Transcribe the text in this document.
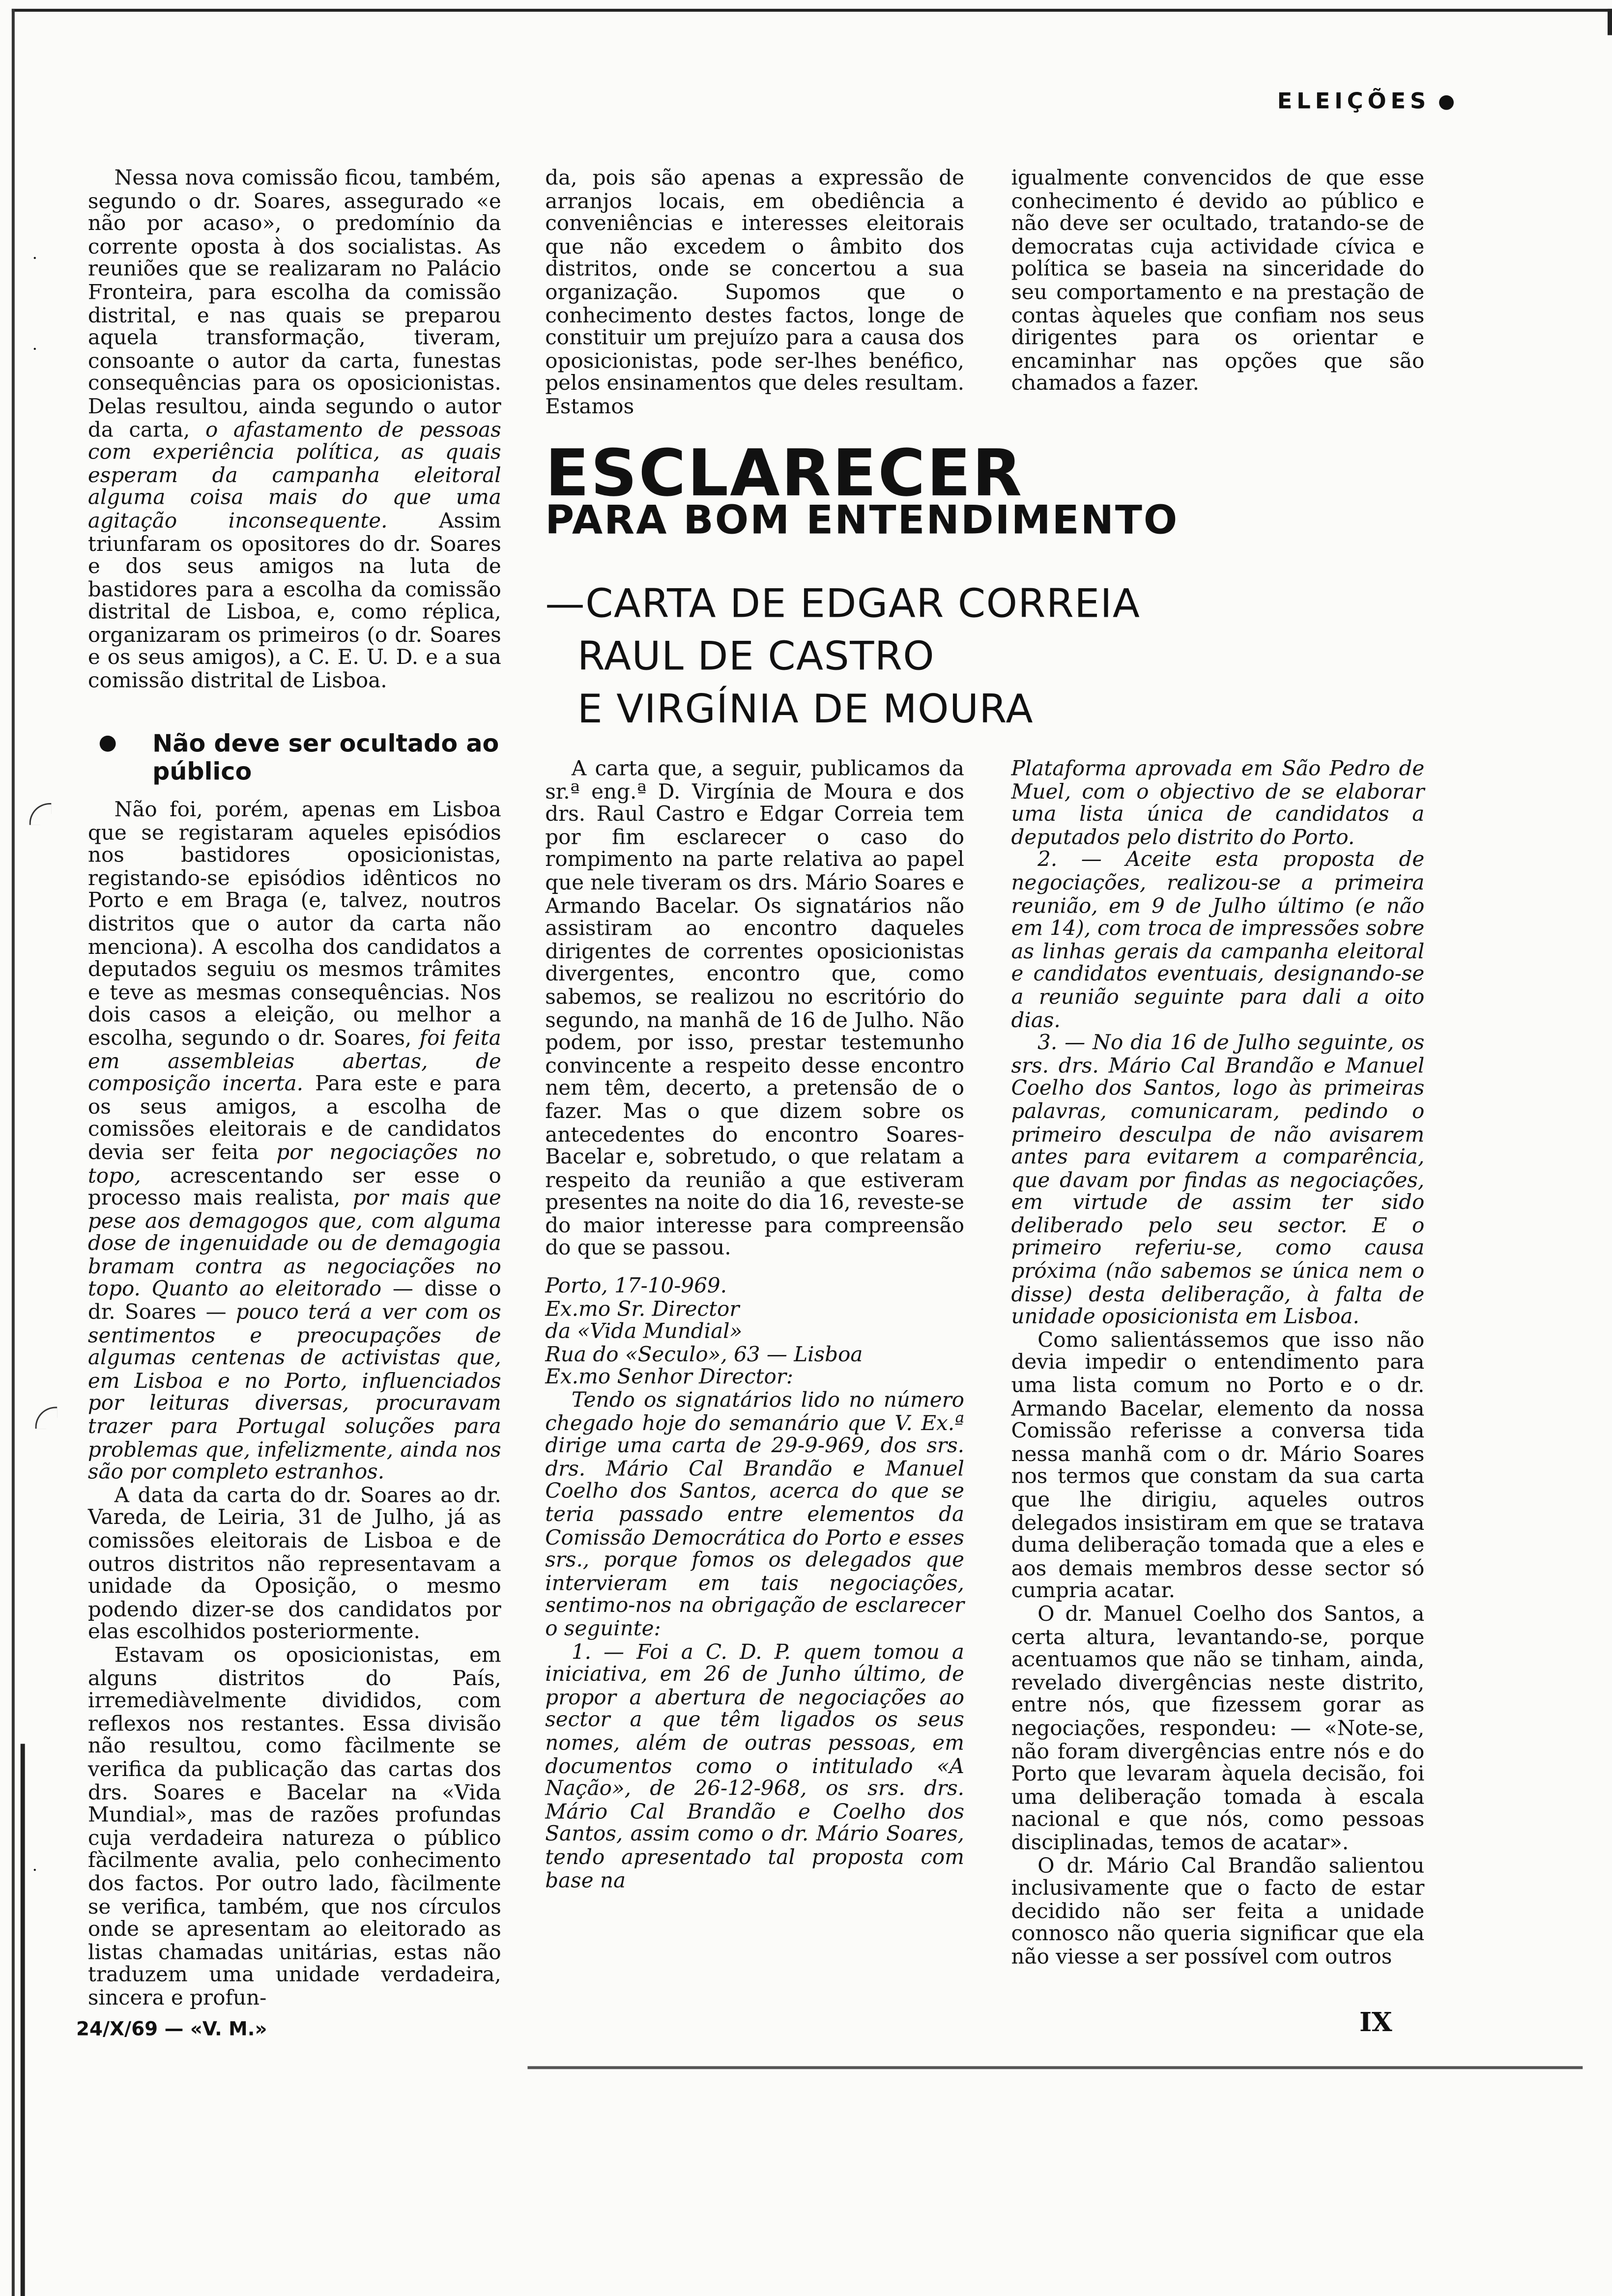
ELEIÇÕES

Nessa nova comissão ficou, também, segundo o dr. Soares, assegurado «e não por acaso», o predomínio da corrente oposta à dos socialistas. As reuniões que se realizaram no Palácio Fronteira, para escolha da comissão distrital, e nas quais se preparou aquela transformação, tiveram, consoante o autor da carta, funestas consequências para os oposicionistas. Delas resultou, ainda segundo o autor da carta, o afastamento de pessoas com experiência política, as quais esperam da campanha eleitoral alguma coisa mais do que uma agitação inconsequente. Assim triunfaram os opositores do dr. Soares e dos seus amigos na luta de bastidores para a escolha da comissão distrital de Lisboa, e, como réplica, organizaram os primeiros (o dr. Soares e os seus amigos), a C. E. U. D. e a sua comissão distrital de Lisboa.

Não deve ser ocultado ao público

Não foi, porém, apenas em Lisboa que se registaram aqueles episódios nos bastidores oposicionistas, registando-se episódios idênticos no Porto e em Braga (e, talvez, noutros distritos que o autor da carta não menciona). A escolha dos candidatos a deputados seguiu os mesmos trâmites e teve as mesmas consequências. Nos dois casos a eleição, ou melhor a escolha, segundo o dr. Soares, foi feita em assembleias abertas, de composição incerta. Para este e para os seus amigos, a escolha de comissões eleitorais e de candidatos devia ser feita por negociações no topo, acrescentando ser esse o processo mais realista, por mais que pese aos demagogos que, com alguma dose de ingenuidade ou de demagogia bramam contra as negociações no topo. Quanto ao eleitorado — disse o dr. Soares — pouco terá a ver com os sentimentos e preocupações de algumas centenas de activistas que, em Lisboa e no Porto, influenciados por leituras diversas, procuravam trazer para Portugal soluções para problemas que, infelizmente, ainda nos são por completo estranhos.

A data da carta do dr. Soares ao dr. Vareda, de Leiria, 31 de Julho, já as comissões eleitorais de Lisboa e de outros distritos não representavam a unidade da Oposição, o mesmo podendo dizer-se dos candidatos por elas escolhidos posteriormente.

Estavam os oposicionistas, em alguns distritos do País, irremediàvelmente divididos, com reflexos nos restantes. Essa divisão não resultou, como fàcilmente se verifica da publicação das cartas dos drs. Soares e Bacelar na «Vida Mundial», mas de razões profundas cuja verdadeira natureza o público fàcilmente avalia, pelo conhecimento dos factos. Por outro lado, fàcilmente se verifica, também, que nos círculos onde se apresentam ao eleitorado as listas chamadas unitárias, estas não traduzem uma unidade verdadeira, sincera e profun-

da, pois são apenas a expressão de arranjos locais, em obediência a conveniências e interesses eleitorais que não excedem o âmbito dos distritos, onde se concertou a sua organização. Supomos que o conhecimento destes factos, longe de constituir um prejuízo para a causa dos oposicionistas, pode ser-lhes benéfico, pelos ensinamentos que deles resultam. Estamos

igualmente convencidos de que esse conhecimento é devido ao público e não deve ser ocultado, tratando-se de democratas cuja actividade cívica e política se baseia na sinceridade do seu comportamento e na prestação de contas àqueles que confiam nos seus dirigentes para os orientar e encaminhar nas opções que são chamados a fazer.

ESCLARECER
PARA BOM ENTENDIMENTO
—CARTA DE EDGAR CORREIA
RAUL DE CASTRO
E VIRGÍNIA DE MOURA

A carta que, a seguir, publicamos da sr.ª eng.ª D. Virgínia de Moura e dos drs. Raul Castro e Edgar Correia tem por fim esclarecer o caso do rompimento na parte relativa ao papel que nele tiveram os drs. Mário Soares e Armando Bacelar. Os signatários não assistiram ao encontro daqueles dirigentes de correntes oposicionistas divergentes, encontro que, como sabemos, se realizou no escritório do segundo, na manhã de 16 de Julho. Não podem, por isso, prestar testemunho convincente a respeito desse encontro nem têm, decerto, a pretensão de o fazer. Mas o que dizem sobre os antecedentes do encontro Soares-Bacelar e, sobretudo, o que relatam a respeito da reunião a que estiveram presentes na noite do dia 16, reveste-se do maior interesse para compreensão do que se passou.

Porto, 17-10-969.

Ex.mo Sr. Director

da «Vida Mundial»

Rua do «Seculo», 63 — Lisboa

Ex.mo Senhor Director:

Tendo os signatários lido no número chegado hoje do semanário que V. Ex.ª dirige uma carta de 29-9-969, dos srs. drs. Mário Cal Brandão e Manuel Coelho dos Santos, acerca do que se teria passado entre elementos da Comissão Democrática do Porto e esses srs., porque fomos os delegados que intervieram em tais negociações, sentimo-nos na obrigação de esclarecer o seguinte:

1. — Foi a C. D. P. quem tomou a iniciativa, em 26 de Junho último, de propor a abertura de negociações ao sector a que têm ligados os seus nomes, além de outras pessoas, em documentos como o intitulado «A Nação», de 26-12-968, os srs. drs. Mário Cal Brandão e Coelho dos Santos, assim como o dr. Mário Soares, tendo apresentado tal proposta com base na

Plataforma aprovada em São Pedro de Muel, com o objectivo de se elaborar uma lista única de candidatos a deputados pelo distrito do Porto.

2. — Aceite esta proposta de negociações, realizou-se a primeira reunião, em 9 de Julho último (e não em 14), com troca de impressões sobre as linhas gerais da campanha eleitoral e candidatos eventuais, designando-se a reunião seguinte para dali a oito dias.

3. — No dia 16 de Julho seguinte, os srs. drs. Mário Cal Brandão e Manuel Coelho dos Santos, logo às primeiras palavras, comunicaram, pedindo o primeiro desculpa de não avisarem antes para evitarem a comparência, que davam por findas as negociações, em virtude de assim ter sido deliberado pelo seu sector. E o primeiro referiu-se, como causa próxima (não sabemos se única nem o disse) desta deliberação, à falta de unidade oposicionista em Lisboa.

Como salientássemos que isso não devia impedir o entendimento para uma lista comum no Porto e o dr. Armando Bacelar, elemento da nossa Comissão referisse a conversa tida nessa manhã com o dr. Mário Soares nos termos que constam da sua carta que lhe dirigiu, aqueles outros delegados insistiram em que se tratava duma deliberação tomada que a eles e aos demais membros desse sector só cumpria acatar.

O dr. Manuel Coelho dos Santos, a certa altura, levantando-se, porque acentuamos que não se tinham, ainda, revelado divergências neste distrito, entre nós, que fizessem gorar as negociações, respondeu: — «Note-se, não foram divergências entre nós e do Porto que levaram àquela decisão, foi uma deliberação tomada à escala nacional e que nós, como pessoas disciplinadas, temos de acatar».

O dr. Mário Cal Brandão salientou inclusivamente que o facto de estar decidido não ser feita a unidade connosco não queria significar que ela não viesse a ser possível com outros

·
·
·
24/X/69 — «V. M.»	IX
